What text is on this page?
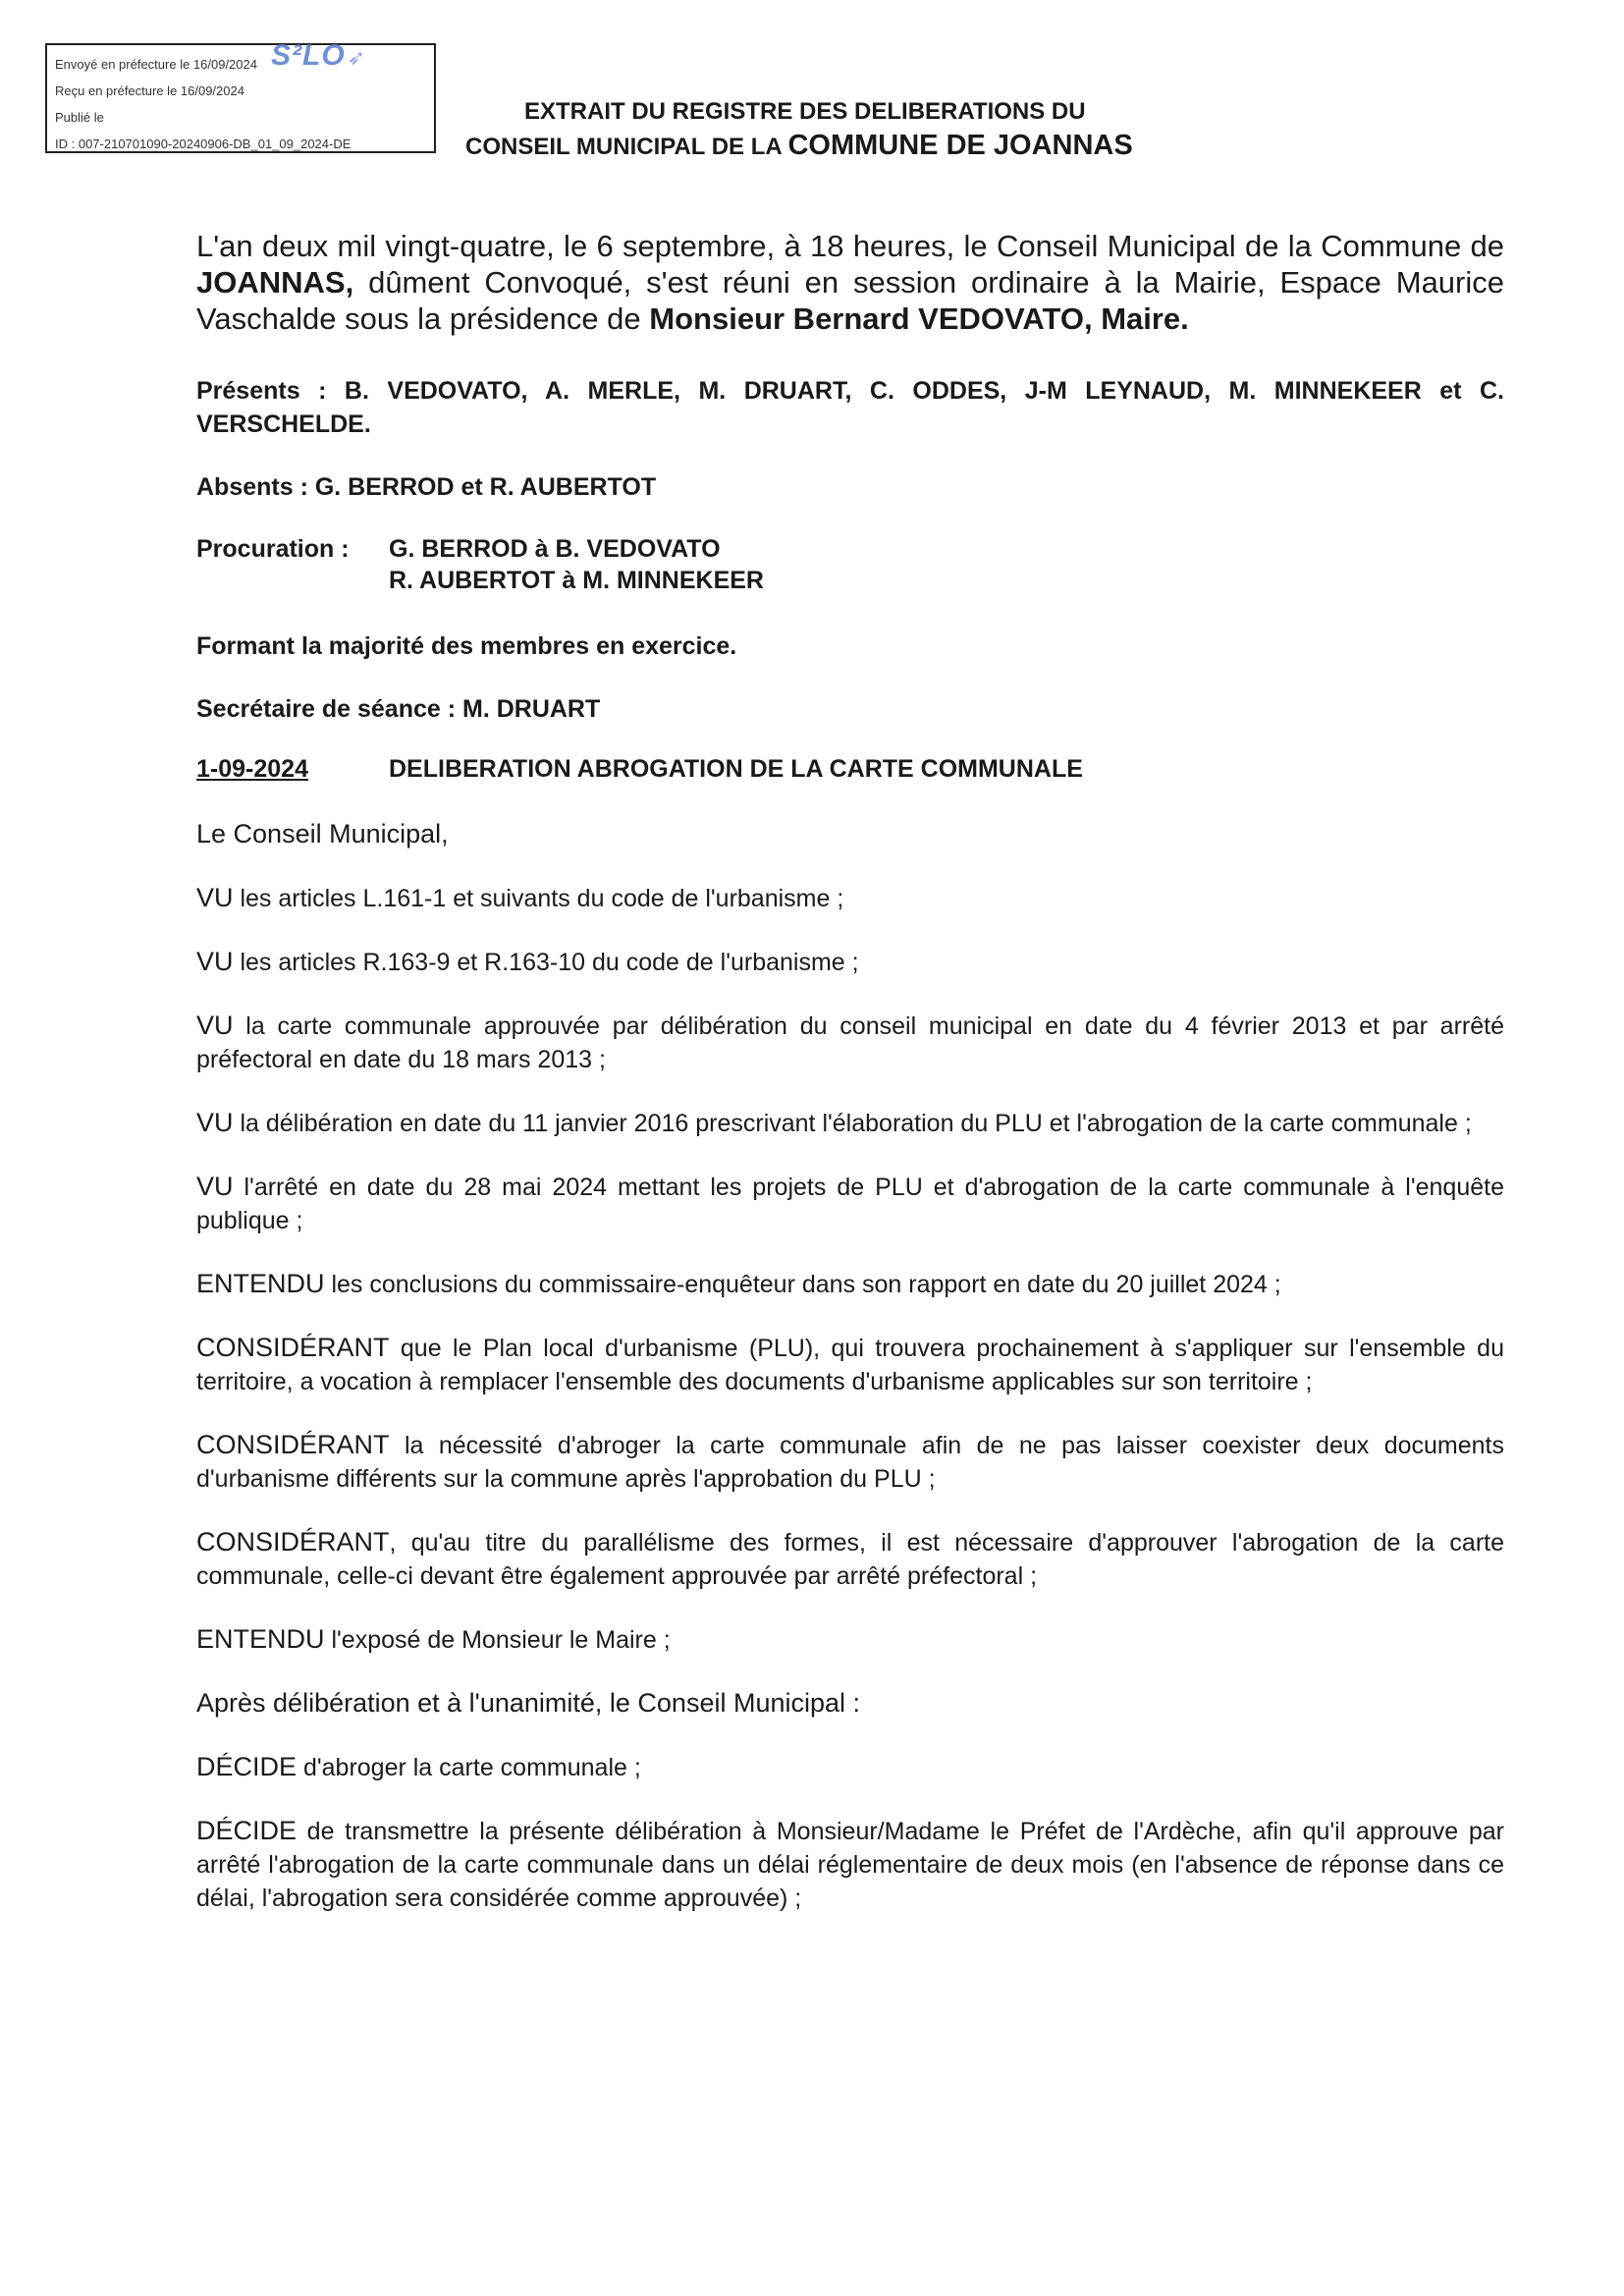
Envoyé en préfecture le 16/09/2024
Reçu en préfecture le 16/09/2024
Publié le
ID : 007-210701090-20240906-DB_01_09_2024-DE
S²LO➶
EXTRAIT DU REGISTRE DES DELIBERATIONS DU
CONSEIL MUNICIPAL DE LA COMMUNE DE JOANNAS
L'an deux mil vingt-quatre, le 6 septembre, à 18 heures, le Conseil Municipal de la Commune de JOANNAS, dûment Convoqué, s'est réuni en session ordinaire à la Mairie, Espace Maurice Vaschalde sous la présidence de Monsieur Bernard VEDOVATO, Maire.
Présents : B. VEDOVATO, A. MERLE, M. DRUART, C. ODDES, J-M LEYNAUD, M. MINNEKEER et C. VERSCHELDE.
Absents : G. BERROD et R. AUBERTOT
Procuration :	G. BERROD à B. VEDOVATO
R. AUBERTOT à M. MINNEKEER
Formant la majorité des membres en exercice.
Secrétaire de séance : M. DRUART
1-09-2024	DELIBERATION ABROGATION DE LA CARTE COMMUNALE
Le Conseil Municipal,
VU les articles L.161-1 et suivants du code de l'urbanisme ;
VU les articles R.163-9 et R.163-10 du code de l'urbanisme ;
VU la carte communale approuvée par délibération du conseil municipal en date du 4 février 2013 et par arrêté préfectoral en date du 18 mars 2013 ;
VU la délibération en date du 11 janvier 2016 prescrivant l'élaboration du PLU et l'abrogation de la carte communale ;
VU l'arrêté en date du 28 mai 2024 mettant les projets de PLU et d'abrogation de la carte communale à l'enquête publique ;
ENTENDU les conclusions du commissaire-enquêteur dans son rapport en date du 20 juillet 2024 ;
CONSIDÉRANT que le Plan local d'urbanisme (PLU), qui trouvera prochainement à s'appliquer sur l'ensemble du territoire, a vocation à remplacer l'ensemble des documents d'urbanisme applicables sur son territoire ;
CONSIDÉRANT la nécessité d'abroger la carte communale afin de ne pas laisser coexister deux documents d'urbanisme différents sur la commune après l'approbation du PLU ;
CONSIDÉRANT, qu'au titre du parallélisme des formes, il est nécessaire d'approuver l'abrogation de la carte communale, celle-ci devant être également approuvée par arrêté préfectoral ;
ENTENDU l'exposé de Monsieur le Maire ;
Après délibération et à l'unanimité, le Conseil Municipal :
DÉCIDE d'abroger la carte communale ;
DÉCIDE de transmettre la présente délibération à Monsieur/Madame le Préfet de l'Ardèche, afin qu'il approuve par arrêté l'abrogation de la carte communale dans un délai réglementaire de deux mois (en l'absence de réponse dans ce délai, l'abrogation sera considérée comme approuvée) ;
